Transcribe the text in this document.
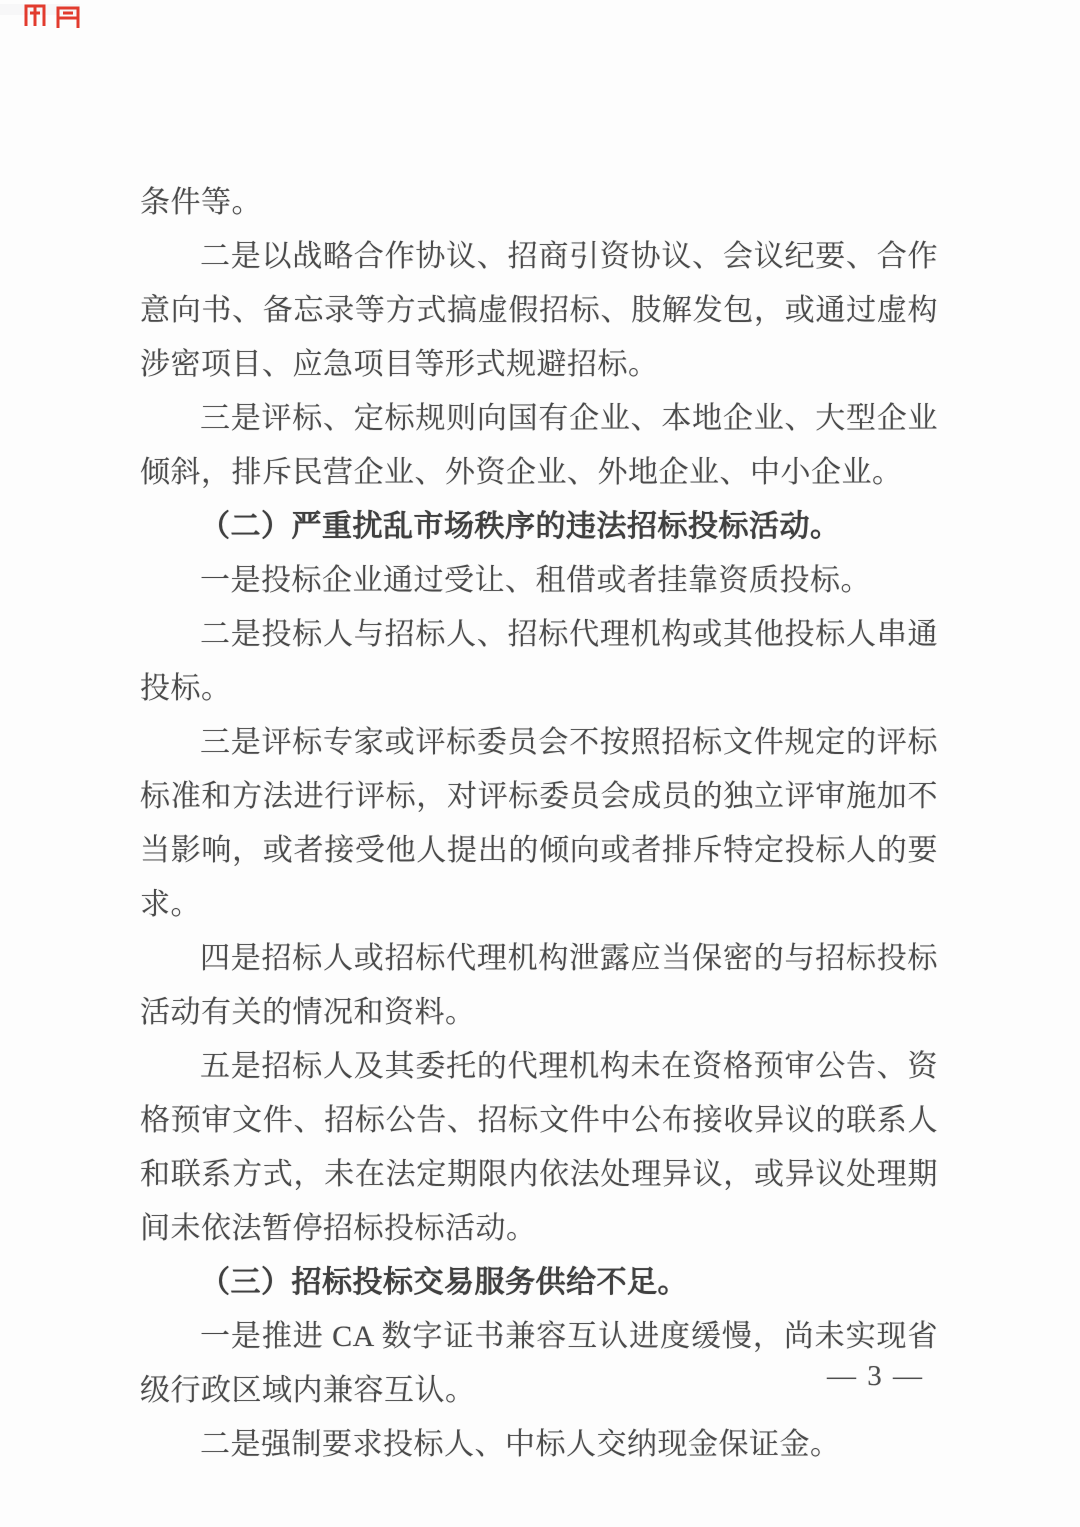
条件等。

二是以战略合作协议、招商引资协议、会议纪要、合作意向书、备忘录等方式搞虚假招标、肢解发包，或通过虚构涉密项目、应急项目等形式规避招标。

三是评标、定标规则向国有企业、本地企业、大型企业倾斜，排斥民营企业、外资企业、外地企业、中小企业。

（二）严重扰乱市场秩序的违法招标投标活动。

一是投标企业通过受让、租借或者挂靠资质投标。

二是投标人与招标人、招标代理机构或其他投标人串通投标。

三是评标专家或评标委员会不按照招标文件规定的评标标准和方法进行评标，对评标委员会成员的独立评审施加不当影响，或者接受他人提出的倾向或者排斥特定投标人的要求。

四是招标人或招标代理机构泄露应当保密的与招标投标活动有关的情况和资料。

五是招标人及其委托的代理机构未在资格预审公告、资格预审文件、招标公告、招标文件中公布接收异议的联系人和联系方式，未在法定期限内依法处理异议，或异议处理期间未依法暂停招标投标活动。

（三）招标投标交易服务供给不足。

一是推进 CA 数字证书兼容互认进度缓慢，尚未实现省级行政区域内兼容互认。

二是强制要求投标人、中标人交纳现金保证金。

— 3 —
